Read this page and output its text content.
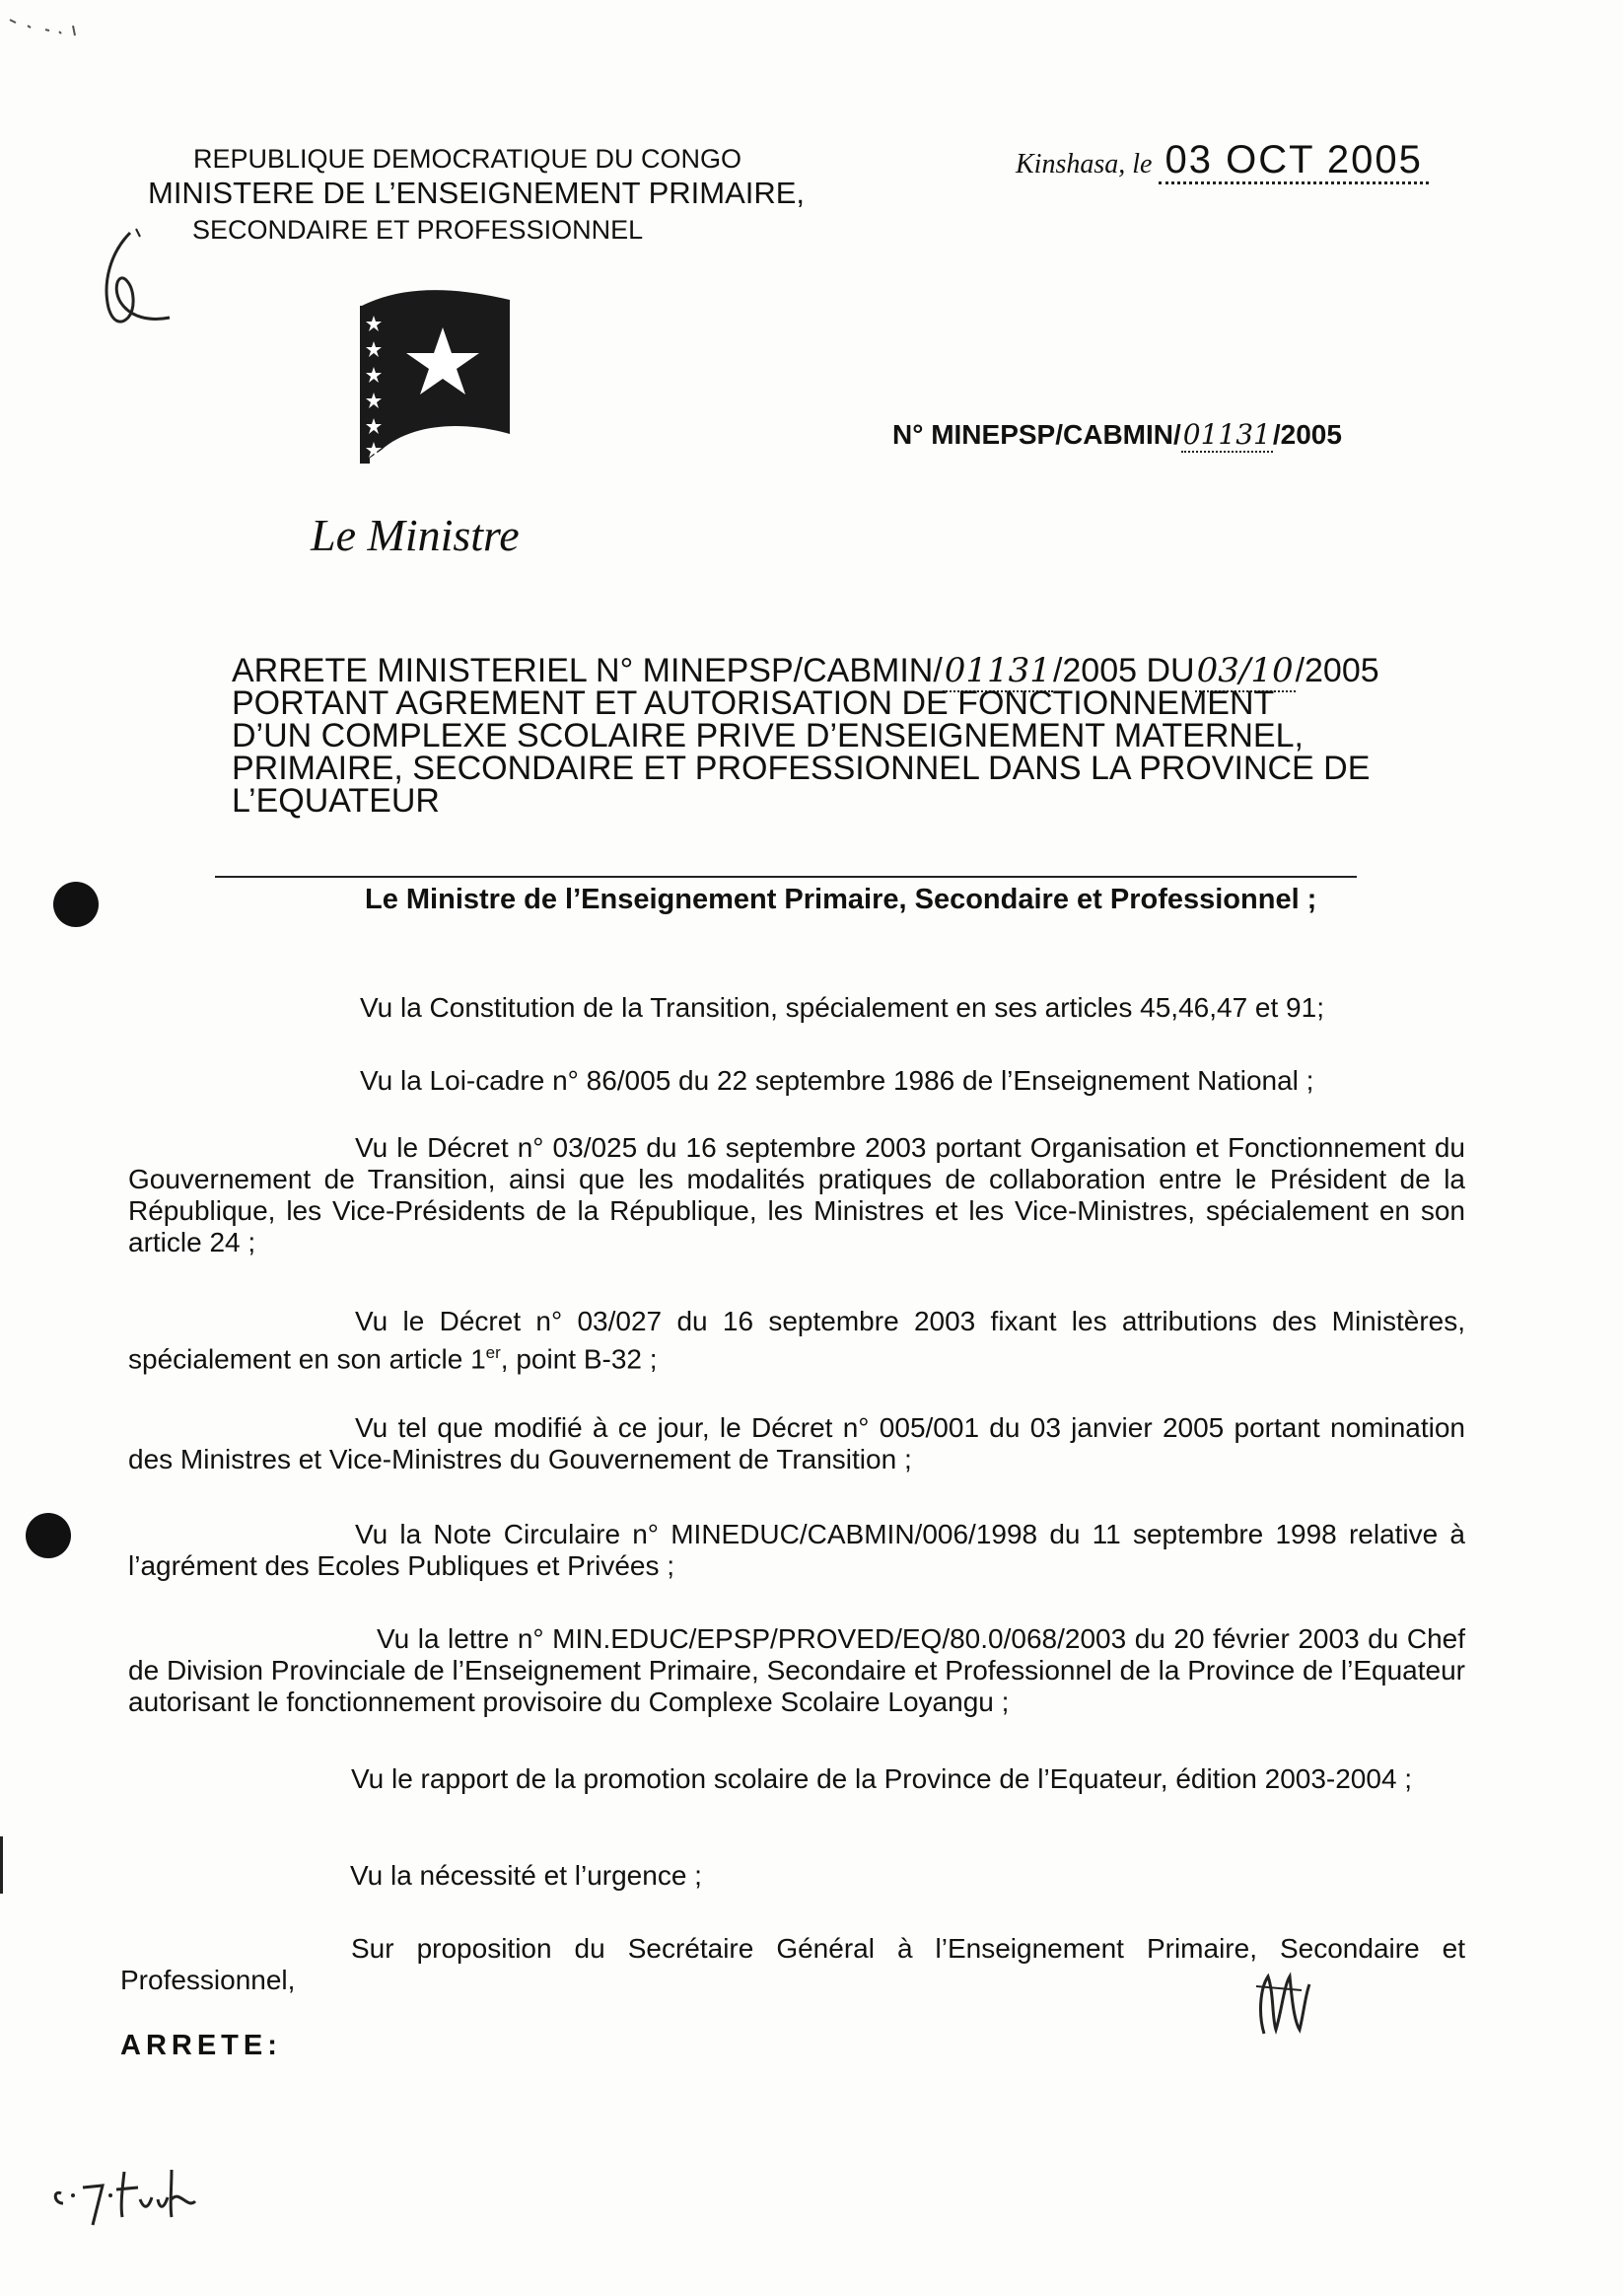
REPUBLIQUE DEMOCRATIQUE DU CONGO
MINISTERE DE L’ENSEIGNEMENT PRIMAIRE,
SECONDAIRE ET PROFESSIONNEL
Kinshasa, le 03 OCT 2005
N° MINEPSP/CABMIN/01131/2005
Le Ministre
ARRETE MINISTERIEL N° MINEPSP/CABMIN/01131/2005 DU03/10/2005
PORTANT AGREMENT ET AUTORISATION DE FONCTIONNEMENT
D’UN COMPLEXE SCOLAIRE PRIVE D’ENSEIGNEMENT MATERNEL,
PRIMAIRE, SECONDAIRE ET PROFESSIONNEL DANS LA PROVINCE DE
L’EQUATEUR
Le Ministre de l’Enseignement Primaire, Secondaire et Professionnel ;
Vu la Constitution de la Transition, spécialement en ses articles 45,46,47 et 91;
Vu la Loi-cadre n° 86/005 du 22 septembre 1986 de l’Enseignement National ;
Vu le Décret n° 03/025 du 16 septembre 2003 portant Organisation et Fonctionnement du Gouvernement de Transition, ainsi que les modalités pratiques de collaboration entre le Président de la République, les Vice-Présidents de la République, les Ministres et les Vice-Ministres, spécialement en son article 24 ;
Vu le Décret n° 03/027 du 16 septembre 2003 fixant les attributions des Ministères, spécialement en son article 1er, point B-32 ;
Vu tel que modifié à ce jour, le Décret n° 005/001 du 03 janvier 2005 portant nomination des Ministres et Vice-Ministres du Gouvernement de Transition ;
Vu la Note Circulaire n° MINEDUC/CABMIN/006/1998 du 11 septembre 1998 relative à l’agrément des Ecoles Publiques et Privées ;
Vu la lettre n° MIN.EDUC/EPSP/PROVED/EQ/80.0/068/2003 du 20 février 2003 du Chef de Division Provinciale de l’Enseignement Primaire, Secondaire et Professionnel de la Province de l’Equateur autorisant le fonctionnement provisoire du Complexe Scolaire Loyangu ;
Vu le rapport de la promotion scolaire de la Province de l’Equateur, édition 2003-2004 ;
Vu la nécessité et l’urgence ;
Sur proposition du Secrétaire Général à l’Enseignement Primaire, Secondaire et Professionnel,
ARRETE:
